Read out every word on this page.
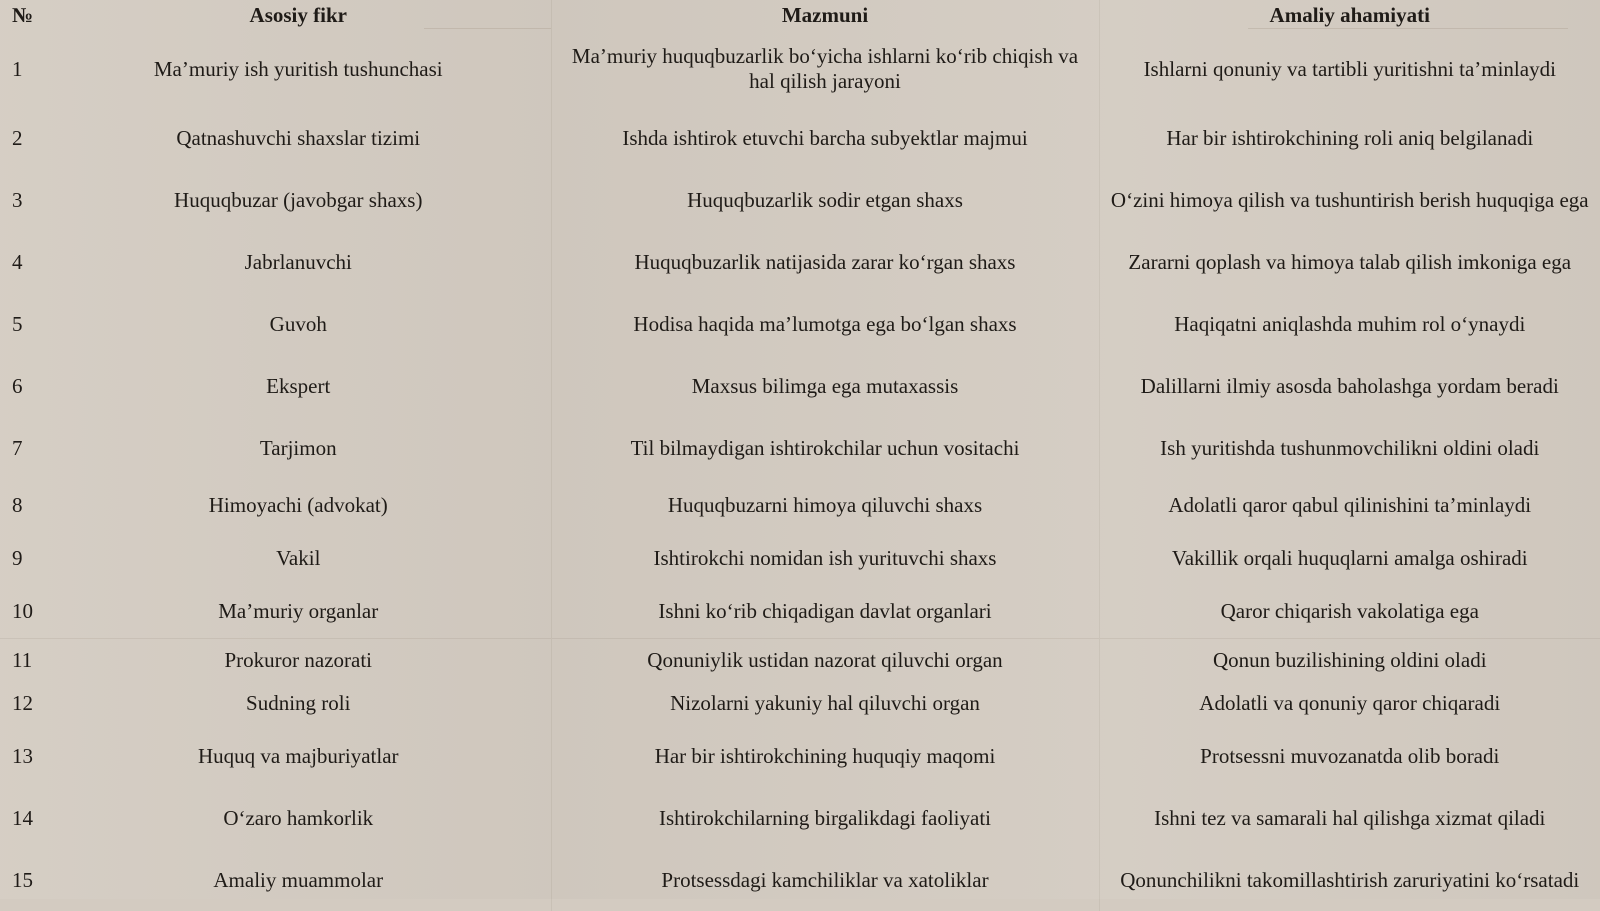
№	Asosiy fikr	Mazmuni	Amaliy ahamiyati
1	Ma’muriy ish yuritish tushunchasi	Ma’muriy huquqbuzarlik bo‘yicha ishlarni ko‘rib chiqish va hal qilish jarayoni	Ishlarni qonuniy va tartibli yuritishni ta’minlaydi
2	Qatnashuvchi shaxslar tizimi	Ishda ishtirok etuvchi barcha subyektlar majmui	Har bir ishtirokchining roli aniq belgilanadi
3	Huquqbuzar (javobgar shaxs)	Huquqbuzarlik sodir etgan shaxs	O‘zini himoya qilish va tushuntirish berish huquqiga ega
4	Jabrlanuvchi	Huquqbuzarlik natijasida zarar ko‘rgan shaxs	Zararni qoplash va himoya talab qilish imkoniga ega
5	Guvoh	Hodisa haqida ma’lumotga ega bo‘lgan shaxs	Haqiqatni aniqlashda muhim rol o‘ynaydi
6	Ekspert	Maxsus bilimga ega mutaxassis	Dalillarni ilmiy asosda baholashga yordam beradi
7	Tarjimon	Til bilmaydigan ishtirokchilar uchun vositachi	Ish yuritishda tushunmovchilikni oldini oladi
8	Himoyachi (advokat)	Huquqbuzarni himoya qiluvchi shaxs	Adolatli qaror qabul qilinishini ta’minlaydi
9	Vakil	Ishtirokchi nomidan ish yurituvchi shaxs	Vakillik orqali huquqlarni amalga oshiradi
10	Ma’muriy organlar	Ishni ko‘rib chiqadigan davlat organlari	Qaror chiqarish vakolatiga ega
11	Prokuror nazorati	Qonuniylik ustidan nazorat qiluvchi organ	Qonun buzilishining oldini oladi
12	Sudning roli	Nizolarni yakuniy hal qiluvchi organ	Adolatli va qonuniy qaror chiqaradi
13	Huquq va majburiyatlar	Har bir ishtirokchining huquqiy maqomi	Protsessni muvozanatda olib boradi
14	O‘zaro hamkorlik	Ishtirokchilarning birgalikdagi faoliyati	Ishni tez va samarali hal qilishga xizmat qiladi
15	Amaliy muammolar	Protsessdagi kamchiliklar va xatoliklar	Qonunchilikni takomillashtirish zaruriyatini ko‘rsatadi
